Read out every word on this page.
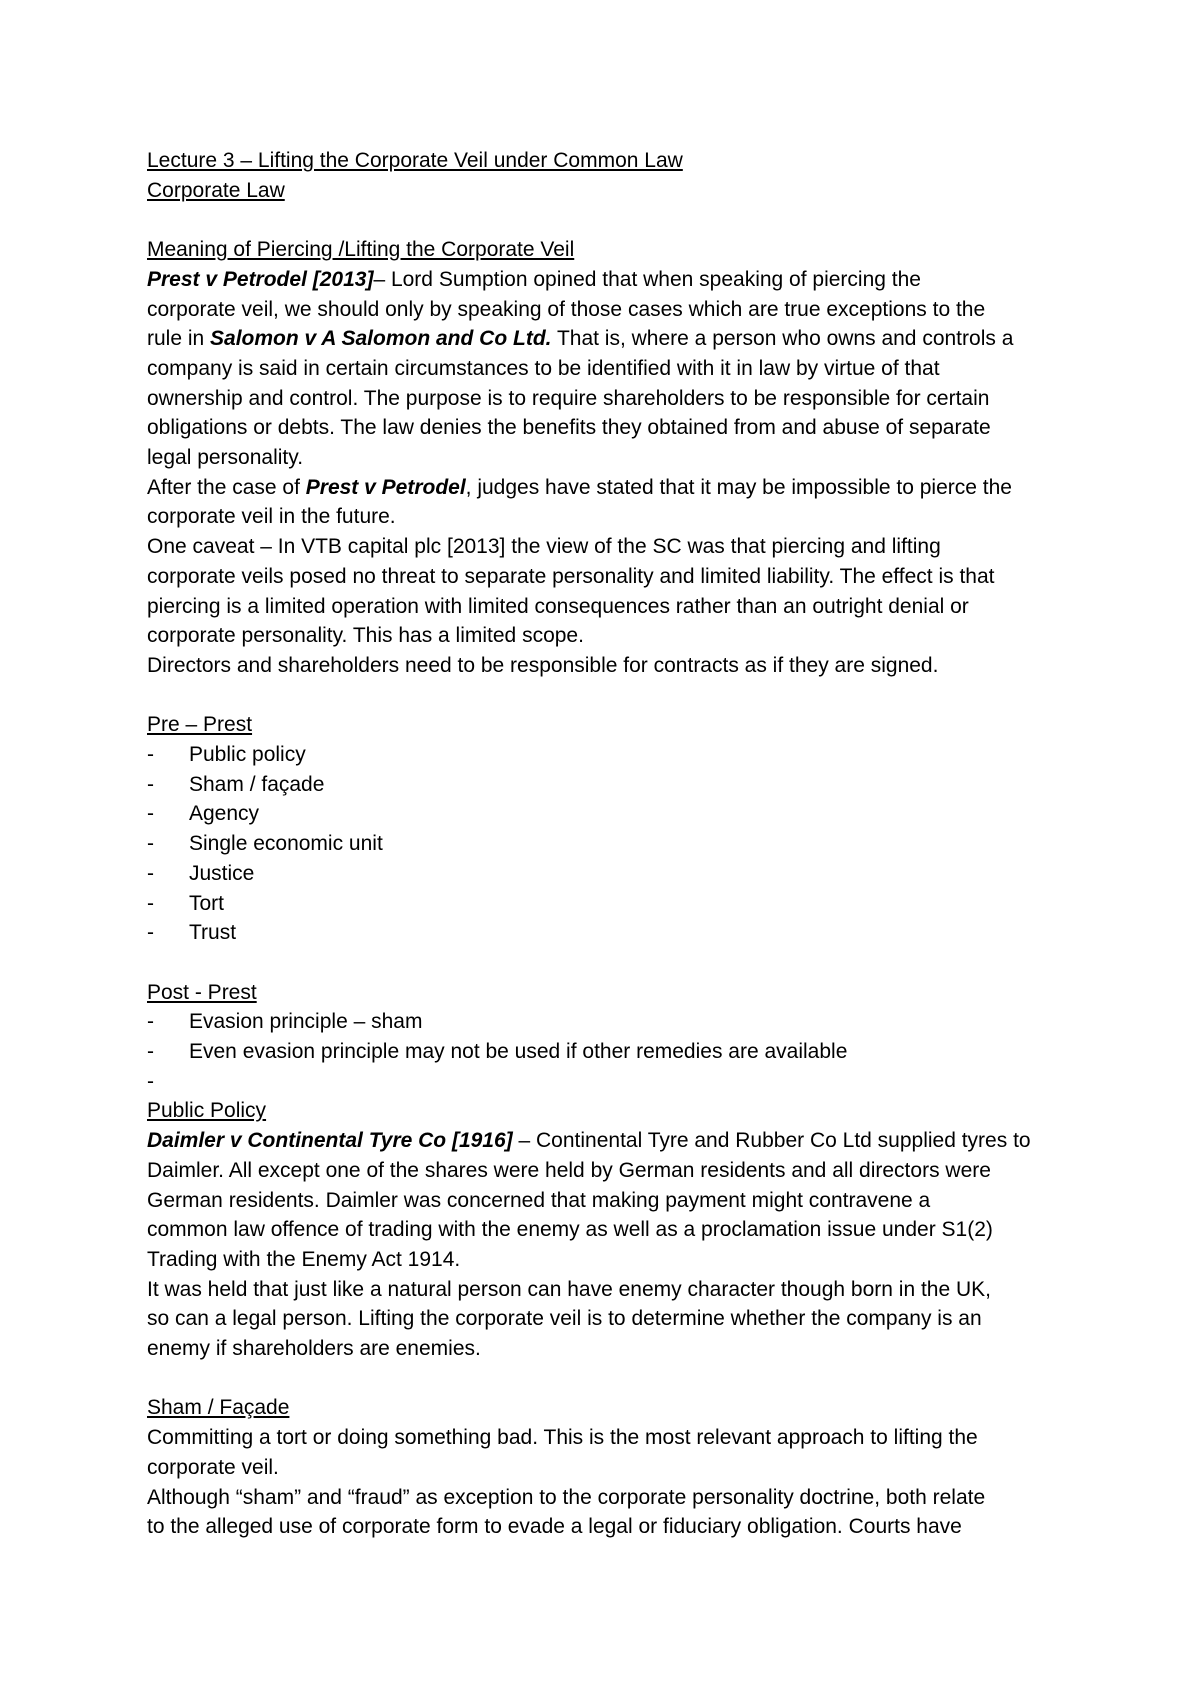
Lecture 3 – Lifting the Corporate Veil under Common Law
Corporate Law
Meaning of Piercing /Lifting the Corporate Veil
Prest v Petrodel [2013]– Lord Sumption opined that when speaking of piercing the
corporate veil, we should only by speaking of those cases which are true exceptions to the
rule in Salomon v A Salomon and Co Ltd. That is, where a person who owns and controls a
company is said in certain circumstances to be identified with it in law by virtue of that
ownership and control. The purpose is to require shareholders to be responsible for certain
obligations or debts. The law denies the benefits they obtained from and abuse of separate
legal personality.
After the case of Prest v Petrodel, judges have stated that it may be impossible to pierce the
corporate veil in the future.
One caveat – In VTB capital plc [2013] the view of the SC was that piercing and lifting
corporate veils posed no threat to separate personality and limited liability. The effect is that
piercing is a limited operation with limited consequences rather than an outright denial or
corporate personality. This has a limited scope.
Directors and shareholders need to be responsible for contracts as if they are signed.
Pre – Prest
- Public policy
- Sham / façade
- Agency
- Single economic unit
- Justice
- Tort
- Trust
Post - Prest
- Evasion principle – sham
- Even evasion principle may not be used if other remedies are available
-
Public Policy
Daimler v Continental Tyre Co [1916] – Continental Tyre and Rubber Co Ltd supplied tyres to
Daimler. All except one of the shares were held by German residents and all directors were
German residents. Daimler was concerned that making payment might contravene a
common law offence of trading with the enemy as well as a proclamation issue under S1(2)
Trading with the Enemy Act 1914.
It was held that just like a natural person can have enemy character though born in the UK,
so can a legal person. Lifting the corporate veil is to determine whether the company is an
enemy if shareholders are enemies.
Sham / Façade
Committing a tort or doing something bad. This is the most relevant approach to lifting the
corporate veil.
Although “sham” and “fraud” as exception to the corporate personality doctrine, both relate
to the alleged use of corporate form to evade a legal or fiduciary obligation. Courts have
